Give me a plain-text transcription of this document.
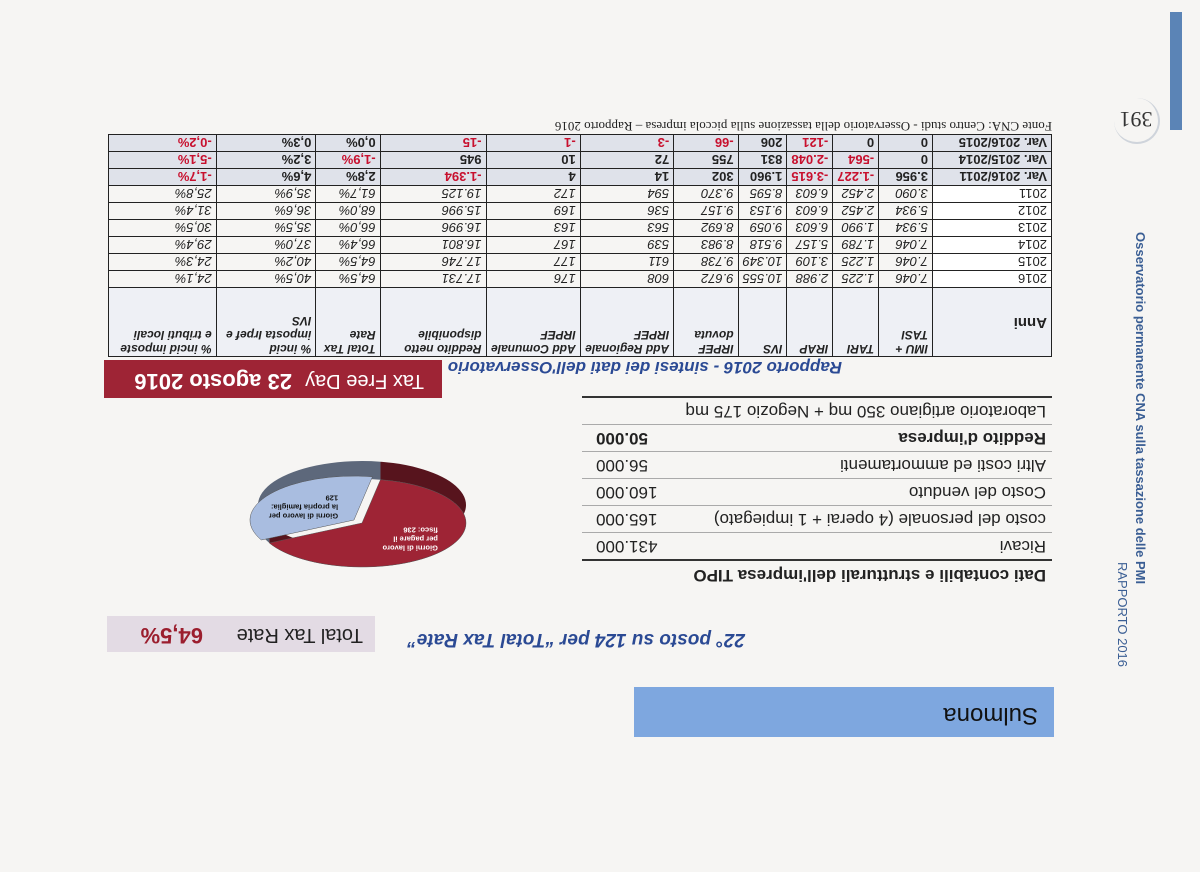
391
Osservatorio permanente CNA sulla tassazione delle PMI
RAPPORTO 2016
Sulmona
22° posto su 124 per “Total Tax Rate”
Total Tax Rate
64,5%
Dati contabili e strutturali dell'impresa TIPO
Ricavi
431.000
costo del personale (4 operai + 1 impiegato)
165.000
Costo del venduto
160.000
Altri costi ed ammortamenti
56.000
Reddito d'impresa
50.000
Laboratorio artigiano 350 mq + Negozio 175 mq
Giorni di lavoro per
la propria famiglia:
129
Giorni di lavoro
per pagare il
fisco: 236
Tax Free Day
23 agosto 2016
Rapporto 2016 - sintesi dei dati dell'Osservatorio
Anni	IMU + TASI	TARI	IRAP	IVS	IRPEF dovuta	Add Regionale IRPEF	Add Comunale IRPEF	Reddito netto disponibile	Total Tax Rate	% incid imposta Irpef e IVS	% incid imposte e tributi locali
2016	7.046	1.225	2.988	10.555	9.672	608	176	17.731	64,5%	40,5%	24,1%
2015	7.046	1.225	3.109	10.349	9.738	611	177	17.746	64,5%	40,2%	24,3%
2014	7.046	1.789	5.157	9.518	8.983	539	167	16.801	66,4%	37,0%	29,4%
2013	5.934	1.990	6.603	9.059	8.692	563	163	16.996	66,0%	35,5%	30,5%
2012	5.934	2.452	6.603	9.153	9.157	536	169	15.996	68,0%	36,6%	31,4%
2011	3.090	2.452	6.603	8.595	9.370	594	172	19.125	61,7%	35,9%	25,8%
Var. 2016/2011	3.956	-1.227	-3.615	1.960	302	14	4	-1.394	2,8%	4,6%	-1,7%
Var. 2015/2014	0	-564	-2.048	831	755	72	10	945	-1,9%	3,2%	-5,1%
Var. 2016/2015	0	0	-121	206	-66	-3	-1	-15	0,0%	0,3%	-0,2%
Fonte CNA: Centro studi - Osservatorio della tassazione sulla piccola impresa – Rapporto 2016
